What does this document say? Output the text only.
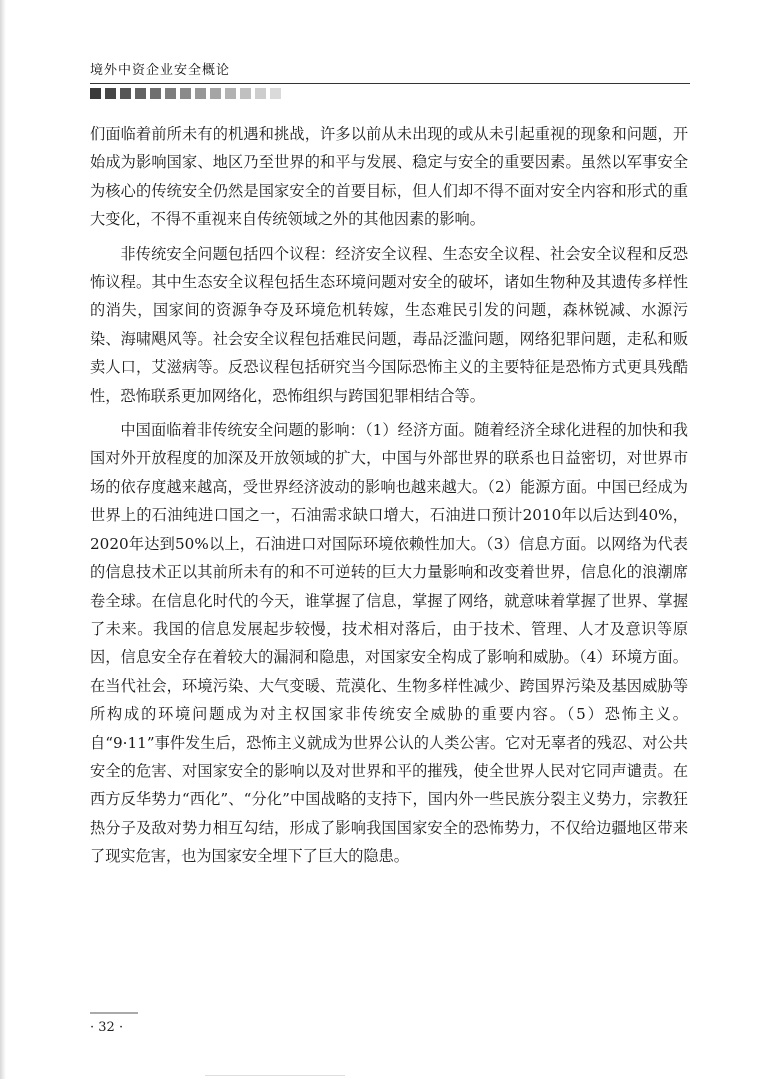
境外中资企业安全概论

们面临着前所未有的机遇和挑战，许多以前从未出现的或从未引起重视的现象和问题，开始成为影响国家、地区乃至世界的和平与发展、稳定与安全的重要因素。虽然以军事安全为核心的传统安全仍然是国家安全的首要目标，但人们却不得不面对安全内容和形式的重大变化，不得不重视来自传统领域之外的其他因素的影响。

非传统安全问题包括四个议程：经济安全议程、生态安全议程、社会安全议程和反恐怖议程。其中生态安全议程包括生态环境问题对安全的破坏，诸如生物种及其遗传多样性的消失，国家间的资源争夺及环境危机转嫁，生态难民引发的问题，森林锐减、水源污染、海啸飓风等。社会安全议程包括难民问题，毒品泛滥问题，网络犯罪问题，走私和贩卖人口，艾滋病等。反恐议程包括研究当今国际恐怖主义的主要特征是恐怖方式更具残酷性，恐怖联系更加网络化，恐怖组织与跨国犯罪相结合等。

中国面临着非传统安全问题的影响：（1）经济方面。随着经济全球化进程的加快和我国对外开放程度的加深及开放领域的扩大，中国与外部世界的联系也日益密切，对世界市场的依存度越来越高，受世界经济波动的影响也越来越大。（2）能源方面。中国已经成为世界上的石油纯进口国之一，石油需求缺口增大，石油进口预计2010年以后达到40%，2020年达到50%以上，石油进口对国际环境依赖性加大。（3）信息方面。以网络为代表的信息技术正以其前所未有的和不可逆转的巨大力量影响和改变着世界，信息化的浪潮席卷全球。在信息化时代的今天，谁掌握了信息，掌握了网络，就意味着掌握了世界、掌握了未来。我国的信息发展起步较慢，技术相对落后，由于技术、管理、人才及意识等原因，信息安全存在着较大的漏洞和隐患，对国家安全构成了影响和威胁。（4）环境方面。在当代社会，环境污染、大气变暖、荒漠化、生物多样性减少、跨国界污染及基因威胁等所构成的环境问题成为对主权国家非传统安全威胁的重要内容。（5）恐怖主义。自“9·11”事件发生后，恐怖主义就成为世界公认的人类公害。它对无辜者的残忍、对公共安全的危害、对国家安全的影响以及对世界和平的摧残，使全世界人民对它同声谴责。在西方反华势力“西化”、“分化”中国战略的支持下，国内外一些民族分裂主义势力，宗教狂热分子及敌对势力相互勾结，形成了影响我国国家安全的恐怖势力，不仅给边疆地区带来了现实危害，也为国家安全埋下了巨大的隐患。

· 32 ·
